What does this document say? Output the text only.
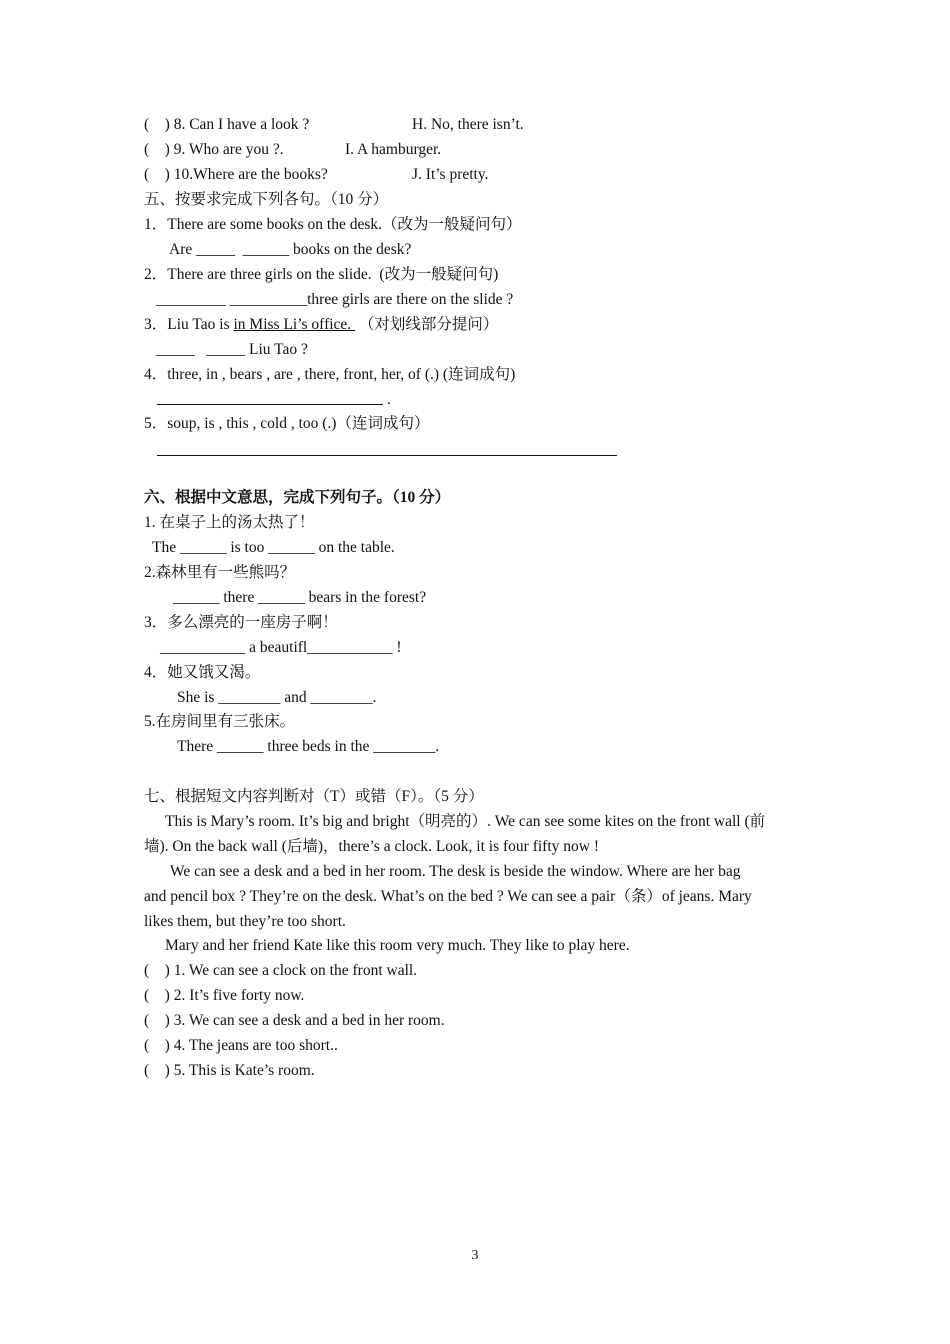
(    ) 8. Can I have a look ?	H. No, there isn’t.
(    ) 9. Who are you ?.	I. A hamburger.
(    ) 10.Where are the books?	J. It’s pretty.
五、按要求完成下列各句。（10 分）
1．There are some books on the desk.（改为一般疑问句）
Are _____  ______ books on the desk?
2．There are three girls on the slide.  (改为一般疑问句)
_________ __________three girls are there on the slide ?
3．Liu Tao is in Miss Li’s office.  （对划线部分提问）
_____   _____ Liu Tao ?
4．three, in , bears , are , there, front, her, of (.) (连词成句)
.
5．soup, is , this , cold , too (.)（连词成句）
六、根据中文意思，完成下列句子。（10 分）
1. 在桌子上的汤太热了！
The ______ is too ______ on the table.
2.森林里有一些熊吗？
______ there ______ bears in the forest?
3．多么漂亮的一座房子啊！
___________ a beautifl___________ !
4．她又饿又渴。
She is ________ and ________.
5.在房间里有三张床。
There ______ three beds in the ________.
七、根据短文内容判断对（T）或错（F）。（5 分）
This is Mary’s room. It’s big and bright（明亮的）. We can see some kites on the front wall (前
墙). On the back wall (后墙)，there’s a clock. Look, it is four fifty now !
We can see a desk and a bed in her room. The desk is beside the window. Where are her bag
and pencil box ? They’re on the desk. What’s on the bed ? We can see a pair（条）of jeans. Mary
likes them, but they’re too short.
Mary and her friend Kate like this room very much. They like to play here.
(    ) 1. We can see a clock on the front wall.
(    ) 2. It’s five forty now.
(    ) 3. We can see a desk and a bed in her room.
(    ) 4. The jeans are too short..
(    ) 5. This is Kate’s room.
3
